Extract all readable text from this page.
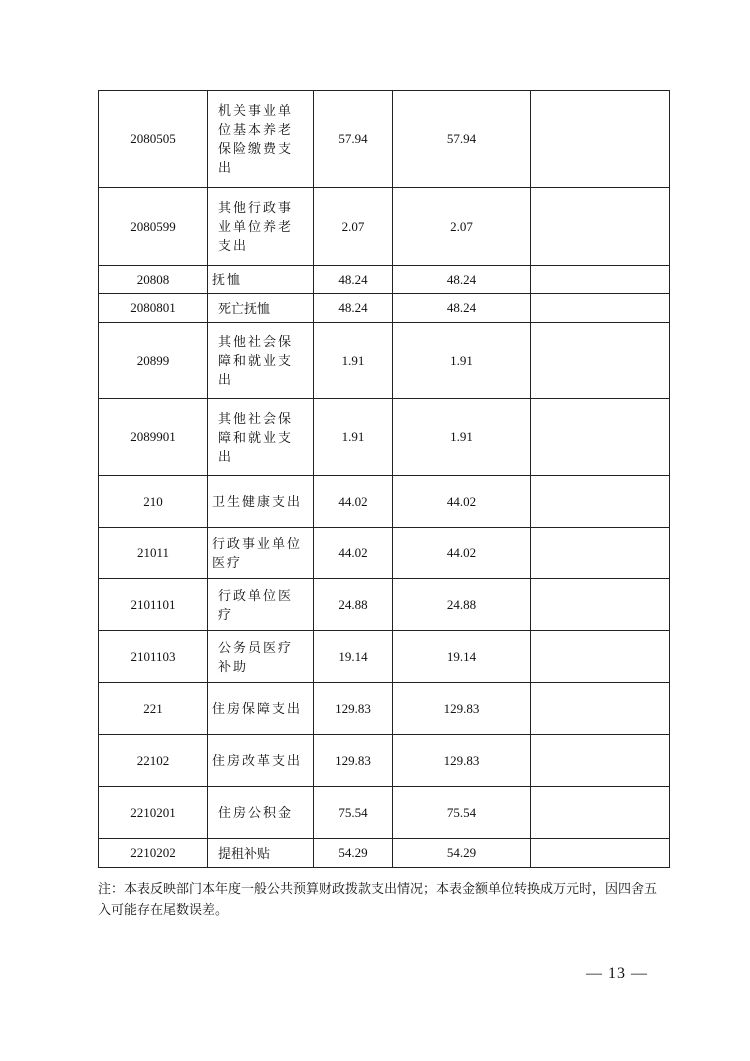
2080505	机关事业单位基本养老保险缴费支出	57.94	57.94	
2080599	其他行政事业单位养老支出	2.07	2.07	
20808	抚恤	48.24	48.24	
2080801	死亡抚恤	48.24	48.24	
20899	其他社会保障和就业支出	1.91	1.91	
2089901	其他社会保障和就业支出	1.91	1.91	
210	卫生健康支出	44.02	44.02	
21011	行政事业单位医疗	44.02	44.02	
2101101	行政单位医疗	24.88	24.88	
2101103	公务员医疗 补助	19.14	19.14	
221	住房保障支出	129.83	129.83	
22102	住房改革支出	129.83	129.83	
2210201	住房公积金	75.54	75.54	
2210202	提租补贴	54.29	54.29	
注：本表反映部门本年度一般公共预算财政拨款支出情况；本表金额单位转换成万元时，因四舍五入可能存在尾数误差。
— 13 —
